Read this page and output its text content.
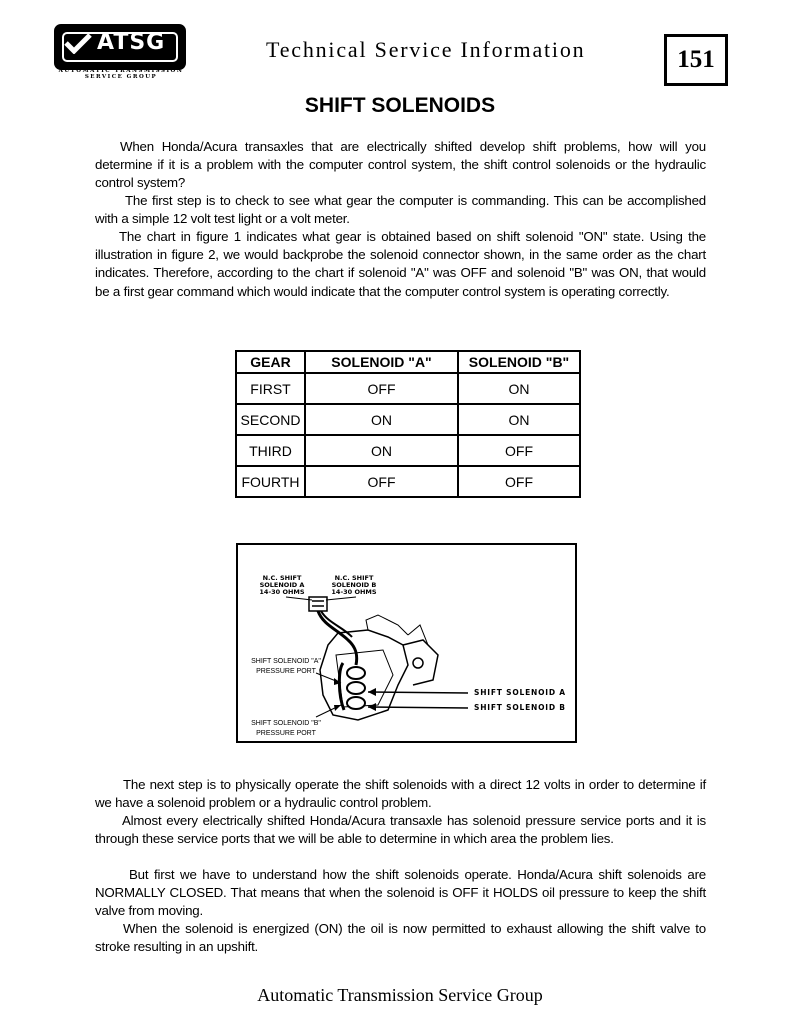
ATSG
AUTOMATIC TRANSMISSION SERVICE GROUP
Technical Service Information	151
SHIFT SOLENOIDS

When Honda/Acura transaxles that are electrically shifted develop shift problems, how will you determine if it is a problem with the computer control system, the shift control solenoids or the hydraulic control system?

The first step is to check to see what gear the computer is commanding. This can be accomplished with a simple 12 volt test light or a volt meter.

The chart in figure 1 indicates what gear is obtained based on shift solenoid "ON" state. Using the illustration in figure 2, we would backprobe the solenoid connector shown, in the same order as the chart indicates. Therefore, according to the chart if solenoid "A" was OFF and solenoid "B" was ON, that would be a first gear command which would indicate that the computer control system is operating correctly.

GEAR	SOLENOID "A"	SOLENOID "B"
FIRST	OFF	ON
SECOND	ON	ON
THIRD	ON	OFF
FOURTH	OFF	OFF
N.C. SHIFT
SOLENOID A
14-30 OHMS
N.C. SHIFT
SOLENOID B
14-30 OHMS
SHIFT SOLENOID "A"
PRESSURE PORT
SHIFT SOLENOID "B"
PRESSURE PORT
SHIFT SOLENOID A
SHIFT SOLENOID B

The next step is to physically operate the shift solenoids with a direct 12 volts in order to determine if we have a solenoid problem or a hydraulic control problem.

Almost every electrically shifted Honda/Acura transaxle has solenoid pressure service ports and it is through these service ports that we will be able to determine in which area the problem lies.

But first we have to understand how the shift solenoids operate. Honda/Acura shift solenoids are NORMALLY CLOSED. That means that when the solenoid is OFF it HOLDS oil pressure to keep the shift valve from moving.

When the solenoid is energized (ON) the oil is now permitted to exhaust allowing the shift valve to stroke resulting in an upshift.

Automatic Transmission Service Group
